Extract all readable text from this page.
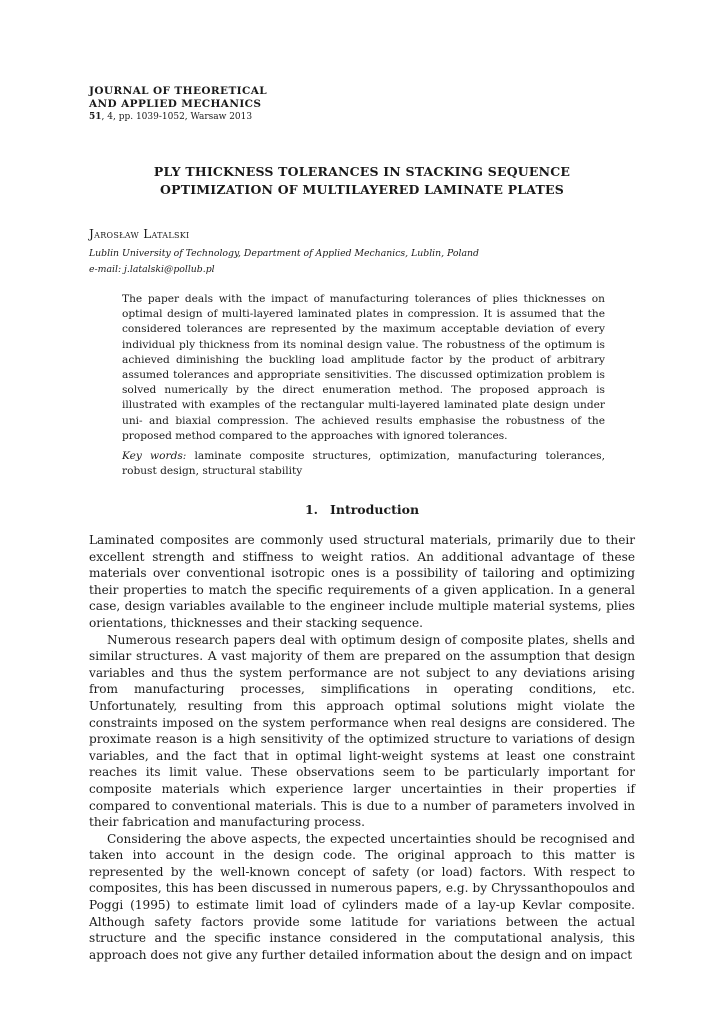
JOURNAL OF THEORETICAL
AND APPLIED MECHANICS
51, 4, pp. 1039-1052, Warsaw 2013
PLY THICKNESS TOLERANCES IN STACKING SEQUENCE
OPTIMIZATION OF MULTILAYERED LAMINATE PLATES
Jarosław Latalski
Lublin University of Technology, Department of Applied Mechanics, Lublin, Poland
e-mail: j.latalski@pollub.pl

The paper deals with the impact of manufacturing tolerances of plies thicknesses on optimal design of multi-layered laminated plates in compression. It is assumed that the considered tolerances are represented by the maximum acceptable deviation of every individual ply thickness from its nominal design value. The robustness of the optimum is achieved diminishing the buckling load amplitude factor by the product of arbitrary assumed tolerances and appropriate sensitivities. The discussed optimization problem is solved numerically by the direct enumeration method. The proposed approach is illustrated with examples of the rectangular multi-layered laminated plate design under uni- and biaxial compression. The achieved results emphasise the robustness of the proposed method compared to the approaches with ignored tolerances.

Key words: laminate composite structures, optimization, manufacturing tolerances, robust design, structural stability

1. Introduction

Laminated composites are commonly used structural materials, primarily due to their excellent strength and stiffness to weight ratios. An additional advantage of these materials over conventional isotropic ones is a possibility of tailoring and optimizing their properties to match the specific requirements of a given application. In a general case, design variables available to the engineer include multiple material systems, plies orientations, thicknesses and their stacking sequence.

Numerous research papers deal with optimum design of composite plates, shells and similar structures. A vast majority of them are prepared on the assumption that design variables and thus the system performance are not subject to any deviations arising from manufacturing processes, simplifications in operating conditions, etc. Unfortunately, resulting from this approach optimal solutions might violate the constraints imposed on the system performance when real designs are considered. The proximate reason is a high sensitivity of the optimized structure to variations of design variables, and the fact that in optimal light-weight systems at least one constraint reaches its limit value. These observations seem to be particularly important for composite materials which experience larger uncertainties in their properties if compared to conventional materials. This is due to a number of parameters involved in their fabrication and manufacturing process.

Considering the above aspects, the expected uncertainties should be recognised and taken into account in the design code. The original approach to this matter is represented by the well-known concept of safety (or load) factors. With respect to composites, this has been discussed in numerous papers, e.g. by Chryssanthopoulos and Poggi (1995) to estimate limit load of cylinders made of a lay-up Kevlar composite. Although safety factors provide some latitude for variations between the actual structure and the specific instance considered in the computational analysis, this approach does not give any further detailed information about the design and on impact
